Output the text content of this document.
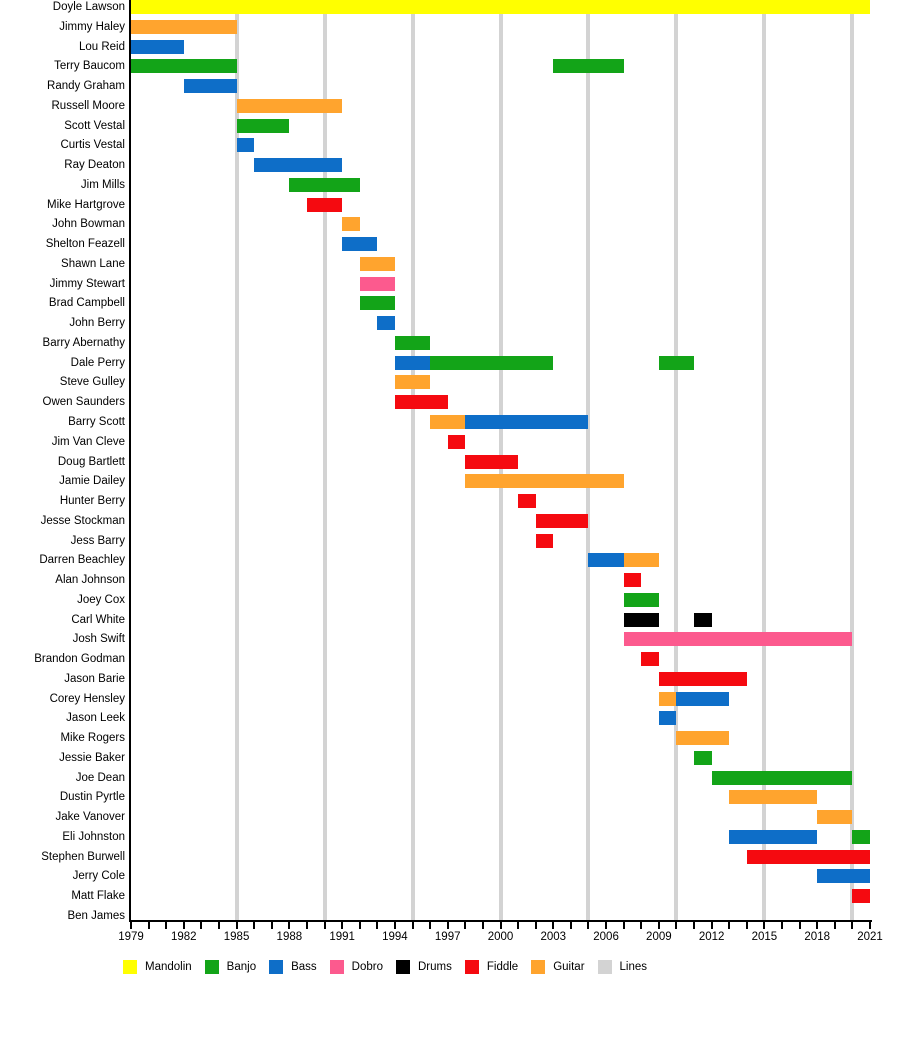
Doyle Lawson
Jimmy Haley
Lou Reid
Terry Baucom
Randy Graham
Russell Moore
Scott Vestal
Curtis Vestal
Ray Deaton
Jim Mills
Mike Hartgrove
John Bowman
Shelton Feazell
Shawn Lane
Jimmy Stewart
Brad Campbell
John Berry
Barry Abernathy
Dale Perry
Steve Gulley
Owen Saunders
Barry Scott
Jim Van Cleve
Doug Bartlett
Jamie Dailey
Hunter Berry
Jesse Stockman
Jess Barry
Darren Beachley
Alan Johnson
Joey Cox
Carl White
Josh Swift
Brandon Godman
Jason Barie
Corey Hensley
Jason Leek
Mike Rogers
Jessie Baker
Joe Dean
Dustin Pyrtle
Jake Vanover
Eli Johnston
Stephen Burwell
Jerry Cole
Matt Flake
Ben James
1979	1982	1985	1988	1991	1994	1997	2000	2003	2006	2009	2012	2015	2018	2021
Mandolin	Banjo	Bass	Dobro	Drums	Fiddle	Guitar	Lines
